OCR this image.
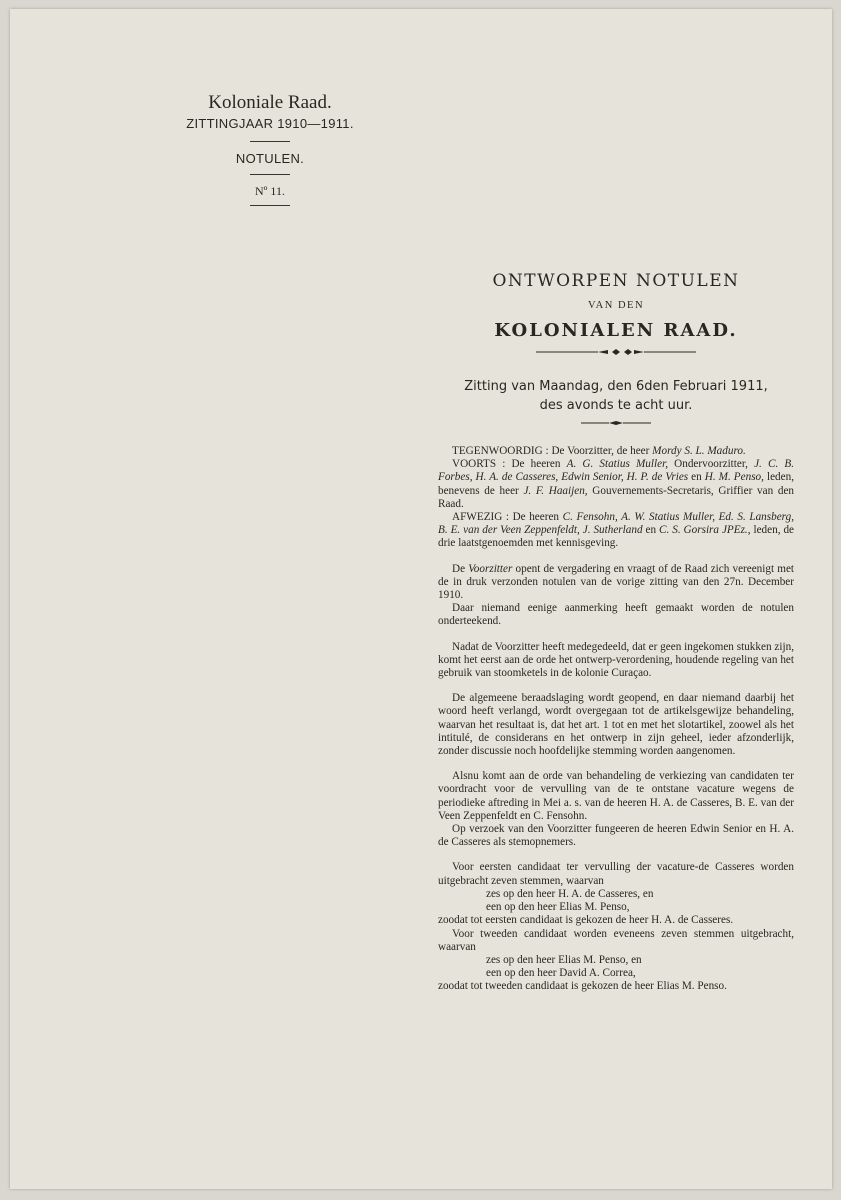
Koloniale Raad.
ZITTINGJAAR 1910—1911.
NOTULEN.
Nº 11.
ONTWORPEN NOTULEN
VAN DEN
KOLONIALEN RAAD.
Zitting van Maandag, den 6den Februari 1911,
des avonds te acht uur.

TEGENWOORDIG : De Voorzitter, de heer Mordy S. L. Maduro.

VOORTS : De heeren A. G. Statius Muller, Ondervoorzitter, J. C. B. Forbes, H. A. de Casseres, Edwin Senior, H. P. de Vries en H. M. Penso, leden, benevens de heer J. F. Haaijen, Gouvernements-Secretaris, Griffier van den Raad.

AFWEZIG : De heeren C. Fensohn, A. W. Statius Muller, Ed. S. Lansberg, B. E. van der Veen Zeppenfeldt, J. Sutherland en C. S. Gorsira JPEz., leden, de drie laatstgenoemden met kennisgeving.

De Voorzitter opent de vergadering en vraagt of de Raad zich vereenigt met de in druk verzonden notulen van de vorige zitting van den 27n. December 1910.

Daar niemand eenige aanmerking heeft gemaakt worden de notulen onderteekend.

Nadat de Voorzitter heeft medegedeeld, dat er geen ingekomen stukken zijn, komt het eerst aan de orde het ontwerp-verordening, houdende regeling van het gebruik van stoomketels in de kolonie Curaçao.

De algemeene beraadslaging wordt geopend, en daar niemand daarbij het woord heeft verlangd, wordt overgegaan tot de artikelsgewijze behandeling, waarvan het resultaat is, dat het art. 1 tot en met het slotartikel, zoowel als het intitulé, de considerans en het ontwerp in zijn geheel, ieder afzonderlijk, zonder discussie noch hoofdelijke stemming worden aangenomen.

Alsnu komt aan de orde van behandeling de verkiezing van candidaten ter voordracht voor de vervulling van de te ontstane vacature wegens de periodieke aftreding in Mei a. s. van de heeren H. A. de Casseres, B. E. van der Veen Zeppenfeldt en C. Fensohn.

Op verzoek van den Voorzitter fungeeren de heeren Edwin Senior en H. A. de Casseres als stemopnemers.

Voor eersten candidaat ter vervulling der vacature-de Casseres worden uitgebracht zeven stemmen, waarvan

zes op den heer H. A. de Casseres, en

een op den heer Elias M. Penso,

zoodat tot eersten candidaat is gekozen de heer H. A. de Casseres.

Voor tweeden candidaat worden eveneens zeven stemmen uitgebracht, waarvan

zes op den heer Elias M. Penso, en

een op den heer David A. Correa,

zoodat tot tweeden candidaat is gekozen de heer Elias M. Penso.
